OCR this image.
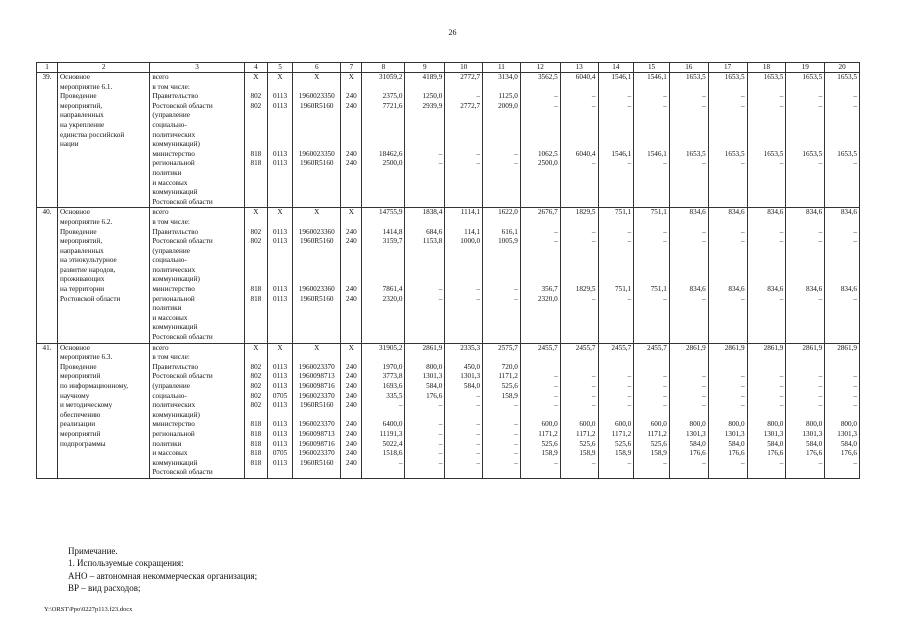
26
1	2	3	4	5	6	7	8	9	10	11	12	13	14	15	16	17	18	19	20
39.	Основное	всего	X	X	X	X	31059,2	4189,9	2772,7	3134,0	3562,5	6040,4	1546,1	1546,1	1653,5	1653,5	1653,5	1653,5	1653,5
	мероприятие 6.1.	в том числе:																	
	Проведение	Правительство	802	0113	1960023350	240	2375,0	1250,0	–	1125,0	–	–	–	–	–	–	–	–	–
	мероприятий,	Ростовской области	802	0113	1960R5160	240	7721,6	2939,9	2772,7	2009,0	–	–	–	–	–	–	–	–	–
	направленных	(управление																	
	на укрепление	социально-																	
	единства российской	политических																	
	нации	коммуникаций)																	
		министерство	818	0113	1960023350	240	18462,6	–	–	–	1062,5	6040,4	1546,1	1546,1	1653,5	1653,5	1653,5	1653,5	1653,5
		региональной	818	0113	1960R5160	240	2500,0	–	–	–	2500,0	–	–	–	–	–	–	–	–
		политики																	
		и массовых																	
		коммуникаций																	
		Ростовской области																	
40.	Основное	всего	X	X	X	X	14755,9	1838,4	1114,1	1622,0	2676,7	1829,5	751,1	751,1	834,6	834,6	834,6	834,6	834,6
	мероприятие 6.2.	в том числе:																	
	Проведение	Правительство	802	0113	1960023360	240	1414,8	684,6	114,1	616,1	–	–	–	–	–	–	–	–	–
	мероприятий,	Ростовской области	802	0113	1960R5160	240	3159,7	1153,8	1000,0	1005,9	–	–	–	–	–	–	–	–	–
	направленных	(управление																	
	на этнокультурное	социально-																	
	развитие народов,	политических																	
	проживающих	коммуникаций)																	
	на территории	министерство	818	0113	1960023360	240	7861,4	–	–	–	356,7	1829,5	751,1	751,1	834,6	834,6	834,6	834,6	834,6
	Ростовской области	региональной	818	0113	1960R5160	240	2320,0	–	–	–	2320,0	–	–	–	–	–	–	–	–
		политики																	
		и массовых																	
		коммуникаций																	
		Ростовской области																	
41.	Основное	всего	X	X	X	X	31905,2	2861,9	2335,3	2575,7	2455,7	2455,7	2455,7	2455,7	2861,9	2861,9	2861,9	2861,9	2861,9
	мероприятие 6.3.	в том числе:																	
	Проведение	Правительство	802	0113	1960023370	240	1970,0	800,0	450,0	720,0									
	мероприятий	Ростовской области	802	0113	1960098713	240	3773,8	1301,3	1301,3	1171,2	–	–	–	–	–	–	–	–	–
	по информационному,	(управление	802	0113	1960098716	240	1693,6	584,0	584,0	525,6	–	–	–	–	–	–	–	–	–
	научному	социально-	802	0705	1960023370	240	335,5	176,6	–	158,9	–	–	–	–	–	–	–	–	–
	и методическому	политических	802	0113	1960R5160	240	–	–	–	–	–	–	–	–	–	–	–	–	–
	обеспечению	коммуникаций)																	
	реализации	министерство	818	0113	1960023370	240	6400,0	–	–	–	600,0	600,0	600,0	600,0	800,0	800,0	800,0	800,0	800,0
	мероприятий	региональной	818	0113	1960098713	240	11191,3	–	–	–	1171,2	1171,2	1171,2	1171,2	1301,3	1301,3	1301,3	1301,3	1301,3
	подпрограммы	политики	818	0113	1960098716	240	5022,4	–	–	–	525,6	525,6	525,6	525,6	584,0	584,0	584,0	584,0	584,0
		и массовых	818	0705	1960023370	240	1518,6	–	–	–	158,9	158,9	158,9	158,9	176,6	176,6	176,6	176,6	176,6
		коммуникаций	818	0113	1960R5160	240	–	–	–	–	–	–	–	–	–	–	–	–	–
		Ростовской области																	
Примечание.
1. Используемые сокращения:
АНО – автономная некоммерческая организация;
ВР – вид расходов;
Y:\ORST\Ppo\0227p113.f23.docx
